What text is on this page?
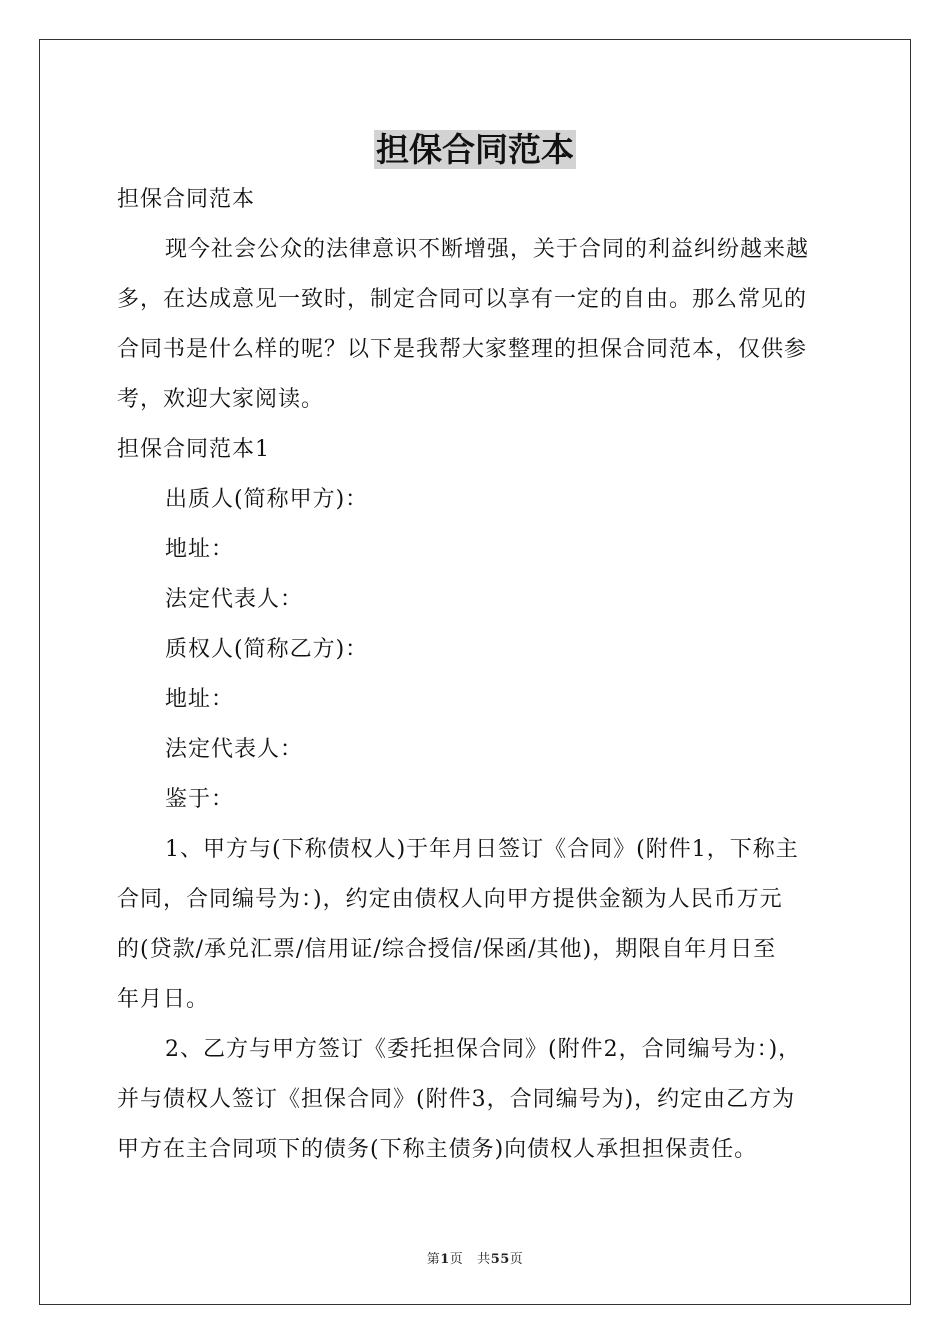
担保合同范本
担保合同范本
现今社会公众的法律意识不断增强，关于合同的利益纠纷越来越
多，在达成意见一致时，制定合同可以享有一定的自由。那么常见的
合同书是什么样的呢？以下是我帮大家整理的担保合同范本，仅供参
考，欢迎大家阅读。
担保合同范本1
出质人(简称甲方)：
地址：
法定代表人：
质权人(简称乙方)：
地址：
法定代表人：
鉴于：
1、甲方与(下称债权人)于年月日签订《合同》(附件1，下称主
合同，合同编号为：)，约定由债权人向甲方提供金额为人民币万元
的(贷款/承兑汇票/信用证/综合授信/保函/其他)，期限自年月日至
年月日。
2、乙方与甲方签订《委托担保合同》(附件2，合同编号为：)，
并与债权人签订《担保合同》(附件3，合同编号为)，约定由乙方为
甲方在主合同项下的债务(下称主债务)向债权人承担担保责任。
第1页 共55页
